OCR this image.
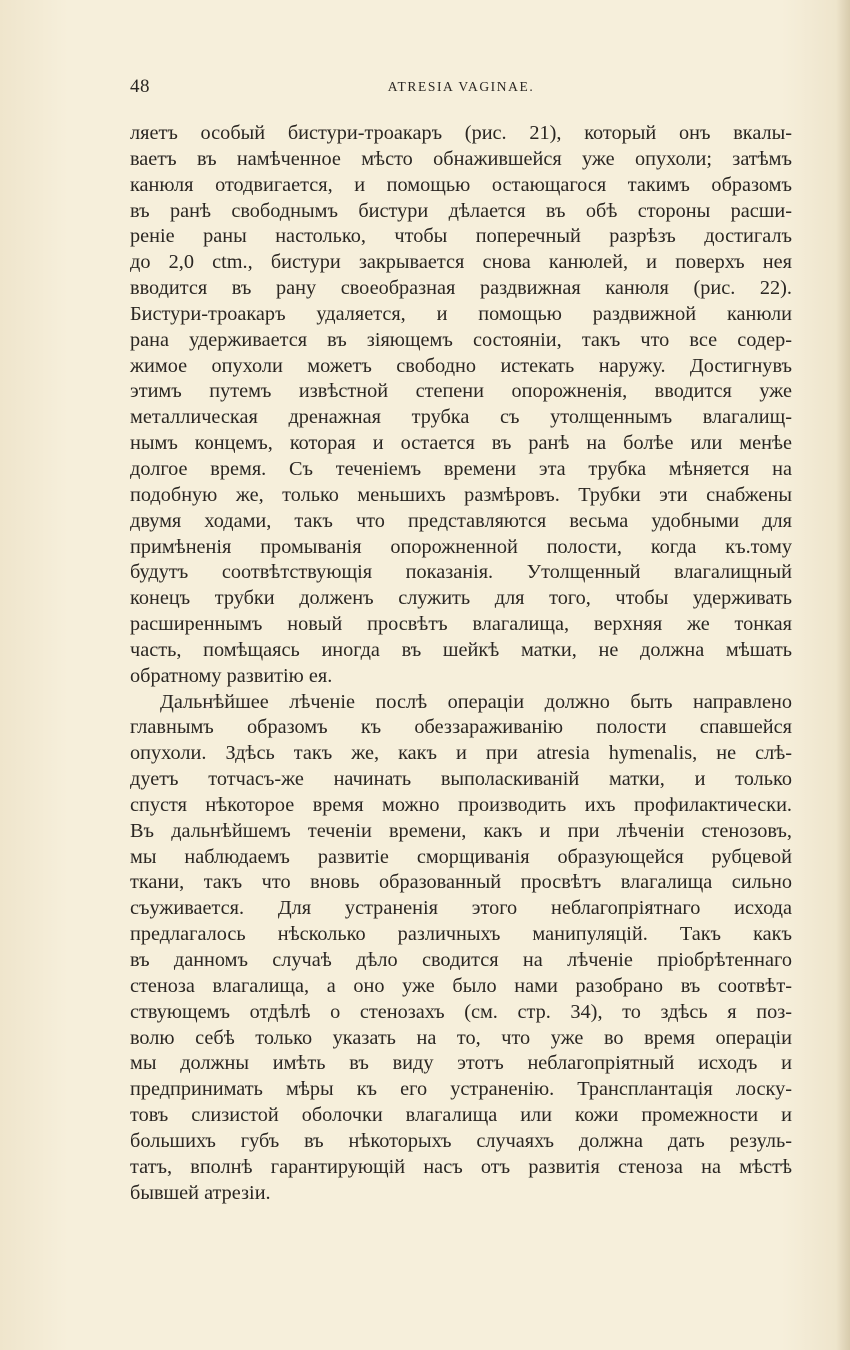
48	ATRESIA VAGINAE.

ляетъ особый бистури-троакаръ (рис. 21), который онъ вкалы-
ваетъ въ намѣченное мѣсто обнажившейся уже опухоли; затѣмъ
канюля отодвигается, и помощью остающагося такимъ образомъ
въ ранѣ свободнымъ бистури дѣлается въ обѣ стороны расши-
реніе раны настолько, чтобы поперечный разрѣзъ достигалъ
до 2,0 ctm., бистури закрывается снова канюлей, и поверхъ нея
вводится въ рану своеобразная раздвижная канюля (рис. 22).
Бистури-троакаръ удаляется, и помощью раздвижной канюли
рана удерживается въ зіяющемъ состояніи, такъ что все содер-
жимое опухоли можетъ свободно истекать наружу. Достигнувъ
этимъ путемъ извѣстной степени опорожненія, вводится уже
металлическая дренажная трубка съ утолщеннымъ влагалищ-
нымъ концемъ, которая и остается въ ранѣ на болѣе или менѣе
долгое время. Съ теченіемъ времени эта трубка мѣняется на
подобную же, только меньшихъ размѣровъ. Трубки эти снабжены
двумя ходами, такъ что представляются весьма удобными для
примѣненія промыванія опорожненной полости, когда къ.тому
будутъ соотвѣтствующія показанія. Утолщенный влагалищный
конецъ трубки долженъ служить для того, чтобы удерживать
расширеннымъ новый просвѣтъ влагалища, верхняя же тонкая
часть, помѣщаясь иногда въ шейкѣ матки, не должна мѣшать
обратному развитію ея.

Дальнѣйшее лѣченіе послѣ операціи должно быть направлено
главнымъ образомъ къ обеззараживанію полости спавшейся
опухоли. Здѣсь такъ же, какъ и при atresia hymenalis, не слѣ-
дуетъ тотчасъ-же начинать выполаскиваній матки, и только
спустя нѣкоторое время можно производить ихъ профилактически.
Въ дальнѣйшемъ теченіи времени, какъ и при лѣченіи стенозовъ,
мы наблюдаемъ развитіе сморщиванія образующейся рубцевой
ткани, такъ что вновь образованный просвѣтъ влагалища сильно
съуживается. Для устраненія этого неблагопріятнаго исхода
предлагалось нѣсколько различныхъ манипуляцій. Такъ какъ
въ данномъ случаѣ дѣло сводится на лѣченіе пріобрѣтеннаго
стеноза влагалища, а оно уже было нами разобрано въ соотвѣт-
ствующемъ отдѣлѣ о стенозахъ (см. стр. 34), то здѣсь я поз-
волю себѣ только указать на то, что уже во время операціи
мы должны имѣть въ виду этотъ неблагопріятный исходъ и
предпринимать мѣры къ его устраненію. Трансплантація лоску-
товъ слизистой оболочки влагалища или кожи промежности и
большихъ губъ въ нѣкоторыхъ случаяхъ должна дать резуль-
татъ, вполнѣ гарантирующій насъ отъ развитія стеноза на мѣстѣ
бывшей атрезіи.
